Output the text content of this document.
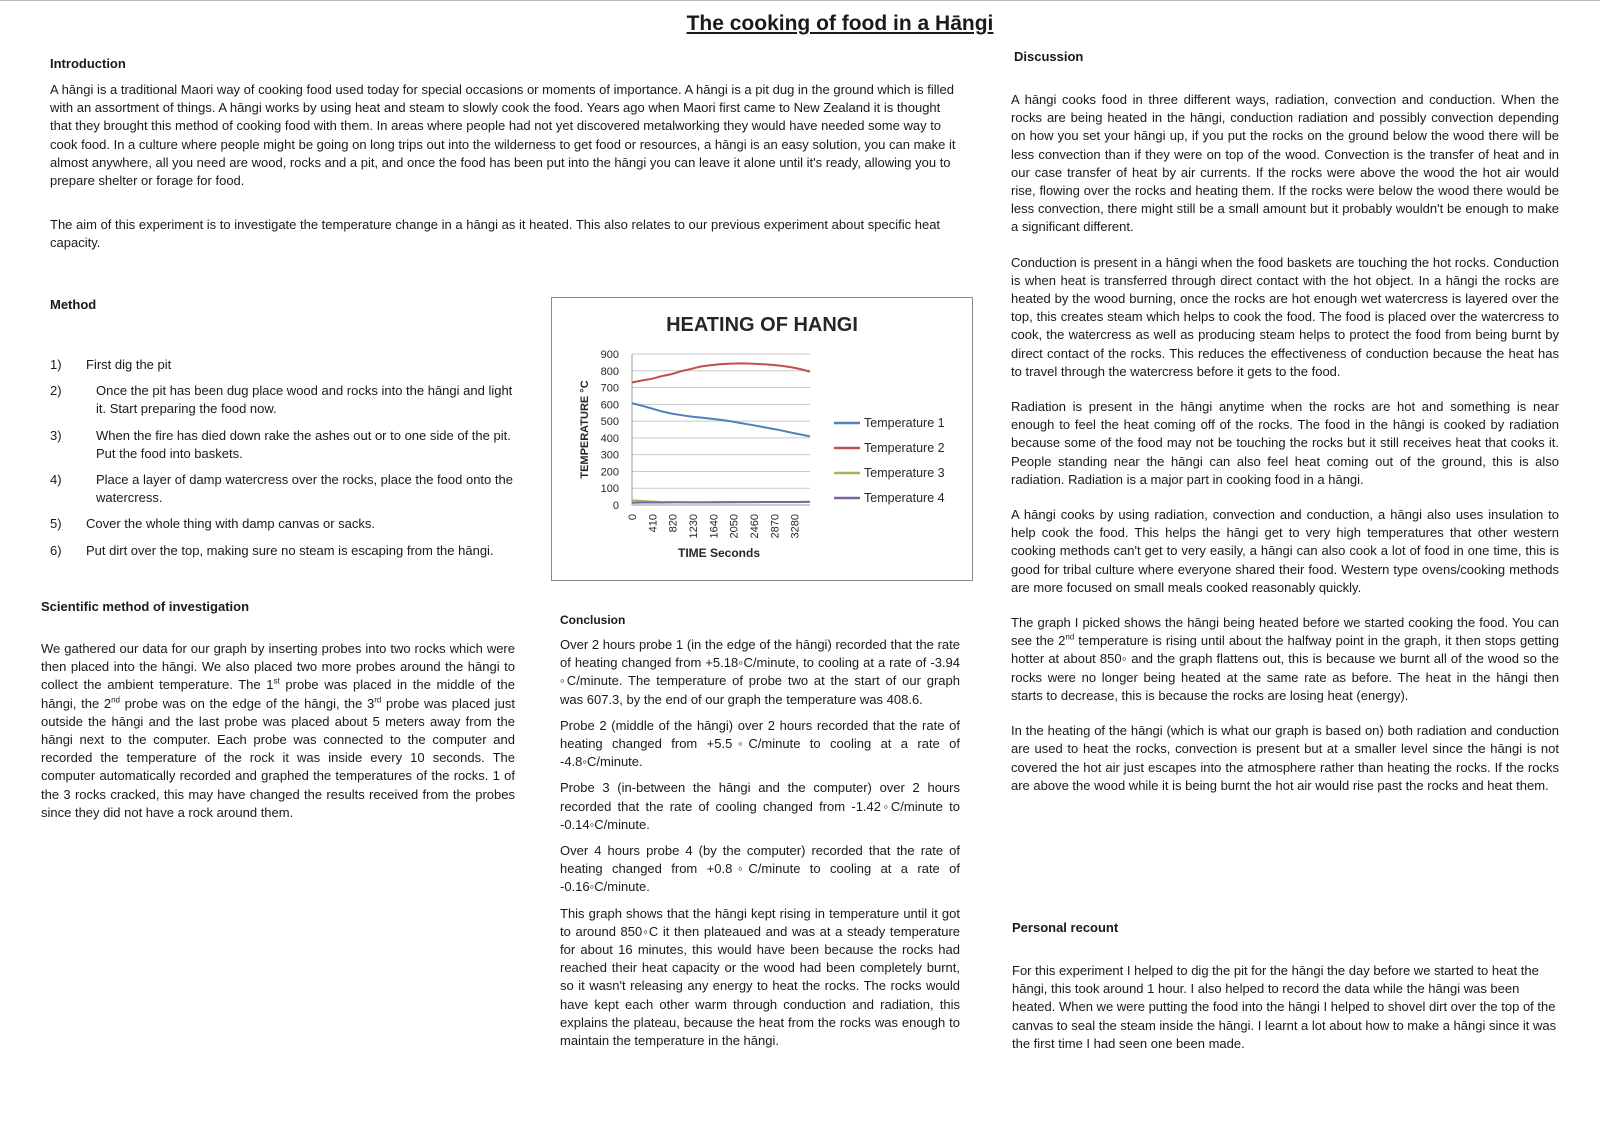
The cooking of food in a Hāngi
Introduction

A hāngi is a traditional Maori way of cooking food used today for special occasions or moments of importance. A hāngi is a pit dug in the ground which is filled with an assortment of things. A hāngi works by using heat and steam to slowly cook the food. Years ago when Maori first came to New Zealand it is thought that they brought this method of cooking food with them. In areas where people had not yet discovered metalworking they would have needed some way to cook food. In a culture where people might be going on long trips out into the wilderness to get food or resources, a hāngi is an easy solution, you can make it almost anywhere, all you need are wood, rocks and a pit, and once the food has been put into the hāngi you can leave it alone until it's ready, allowing you to prepare shelter or forage for food.

The aim of this experiment is to investigate the temperature change in a hāngi as it heated. This also relates to our previous experiment about specific heat capacity.

Method
1)	First dig the pit
2)	Once the pit has been dug place wood and rocks into the hāngi and light it. Start preparing the food now.
3)	When the fire has died down rake the ashes out or to one side of the pit. Put the food into baskets.
4)	Place a layer of damp watercress over the rocks, place the food onto the watercress.
5)	Cover the whole thing with damp canvas or sacks.
6)	Put dirt over the top, making sure no steam is escaping from the hāngi.
HEATING OF HANGI
0
100
200
300
400
500
600
700
800
900
0 410 820 1230 1640 2050 2460 2870 3280
TEMPERATURE °C
TIME Seconds
Temperature 1
Temperature 2
Temperature 3
Temperature 4
Scientific method of investigation

We gathered our data for our graph by inserting probes into two rocks which were then placed into the hāngi. We also placed two more probes around the hāngi to collect the ambient temperature. The 1st probe was placed in the middle of the hāngi, the 2nd probe was on the edge of the hāngi, the 3rd probe was placed just outside the hāngi and the last probe was placed about 5 meters away from the hāngi next to the computer. Each probe was connected to the computer and recorded the temperature of the rock it was inside every 10 seconds. The computer automatically recorded and graphed the temperatures of the rocks. 1 of the 3 rocks cracked, this may have changed the results received from the probes since they did not have a rock around them.

Conclusion

Over 2 hours probe 1 (in the edge of the hāngi) recorded that the rate of heating changed from +5.18◦C/minute, to cooling at a rate of -3.94 ◦C/minute. The temperature of probe two at the start of our graph was 607.3, by the end of our graph the temperature was 408.6.

Probe 2 (middle of the hāngi) over 2 hours recorded that the rate of heating changed from +5.5◦C/minute to cooling at a rate of -4.8◦C/minute.

Probe 3 (in-between the hāngi and the computer) over 2 hours recorded that the rate of cooling changed from -1.42◦C/minute to -0.14◦C/minute.

Over 4 hours probe 4 (by the computer) recorded that the rate of heating changed from +0.8◦C/minute to cooling at a rate of -0.16◦C/minute.

This graph shows that the hāngi kept rising in temperature until it got to around 850◦C it then plateaued and was at a steady temperature for about 16 minutes, this would have been because the rocks had reached their heat capacity or the wood had been completely burnt, so it wasn't releasing any energy to heat the rocks. The rocks would have kept each other warm through conduction and radiation, this explains the plateau, because the heat from the rocks was enough to maintain the temperature in the hāngi.

Discussion

A hāngi cooks food in three different ways, radiation, convection and conduction. When the rocks are being heated in the hāngi, conduction radiation and possibly convection depending on how you set your hāngi up, if you put the rocks on the ground below the wood there will be less convection than if they were on top of the wood. Convection is the transfer of heat and in our case transfer of heat by air currents. If the rocks were above the wood the hot air would rise, flowing over the rocks and heating them. If the rocks were below the wood there would be less convection, there might still be a small amount but it probably wouldn't be enough to make a significant different.

Conduction is present in a hāngi when the food baskets are touching the hot rocks. Conduction is when heat is transferred through direct contact with the hot object. In a hāngi the rocks are heated by the wood burning, once the rocks are hot enough wet watercress is layered over the top, this creates steam which helps to cook the food. The food is placed over the watercress to cook, the watercress as well as producing steam helps to protect the food from being burnt by direct contact of the rocks. This reduces the effectiveness of conduction because the heat has to travel through the watercress before it gets to the food.

Radiation is present in the hāngi anytime when the rocks are hot and something is near enough to feel the heat coming off of the rocks. The food in the hāngi is cooked by radiation because some of the food may not be touching the rocks but it still receives heat that cooks it. People standing near the hāngi can also feel heat coming out of the ground, this is also radiation. Radiation is a major part in cooking food in a hāngi.

A hāngi cooks by using radiation, convection and conduction, a hāngi also uses insulation to help cook the food. This helps the hāngi get to very high temperatures that other western cooking methods can't get to very easily, a hāngi can also cook a lot of food in one time, this is good for tribal culture where everyone shared their food. Western type ovens/cooking methods are more focused on small meals cooked reasonably quickly.

The graph I picked shows the hāngi being heated before we started cooking the food. You can see the 2nd temperature is rising until about the halfway point in the graph, it then stops getting hotter at about 850◦ and the graph flattens out, this is because we burnt all of the wood so the rocks were no longer being heated at the same rate as before. The heat in the hāngi then starts to decrease, this is because the rocks are losing heat (energy).

In the heating of the hāngi (which is what our graph is based on) both radiation and conduction are used to heat the rocks, convection is present but at a smaller level since the hāngi is not covered the hot air just escapes into the atmosphere rather than heating the rocks. If the rocks are above the wood while it is being burnt the hot air would rise past the rocks and heat them.

Personal recount

For this experiment I helped to dig the pit for the hāngi the day before we started to heat the hāngi, this took around 1 hour. I also helped to record the data while the hāngi was been heated. When we were putting the food into the hāngi I helped to shovel dirt over the top of the canvas to seal the steam inside the hāngi. I learnt a lot about how to make a hāngi since it was the first time I had seen one been made.
